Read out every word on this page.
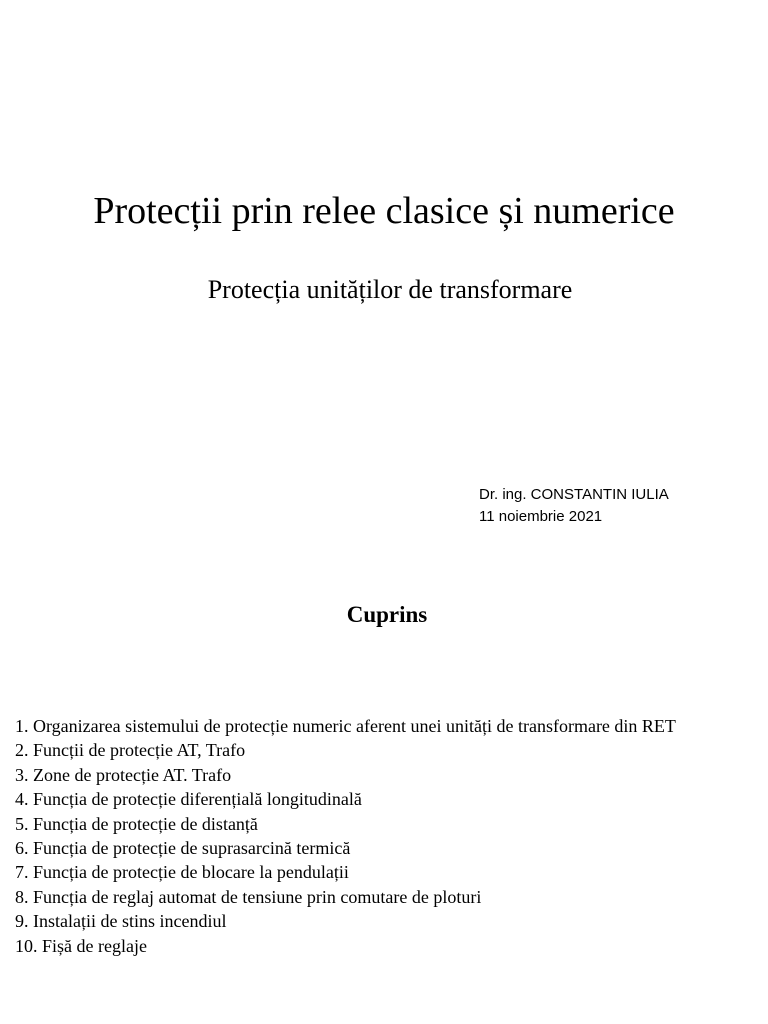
Protecții prin relee clasice și numerice
Protecția unităților de transformare
Dr. ing. CONSTANTIN IULIA
11 noiembrie 2021
Cuprins
1. Organizarea sistemului de protecție numeric aferent unei unități de transformare din RET
2. Funcții de protecție AT, Trafo
3. Zone de protecție AT. Trafo
4. Funcția de protecție diferențială longitudinală
5. Funcția de protecție de distanță
6. Funcția de protecție de suprasarcină termică
7. Funcția de protecție de blocare la pendulații
8. Funcția de reglaj automat de tensiune prin comutare de ploturi
9. Instalații de stins incendiul
10. Fișă de reglaje
